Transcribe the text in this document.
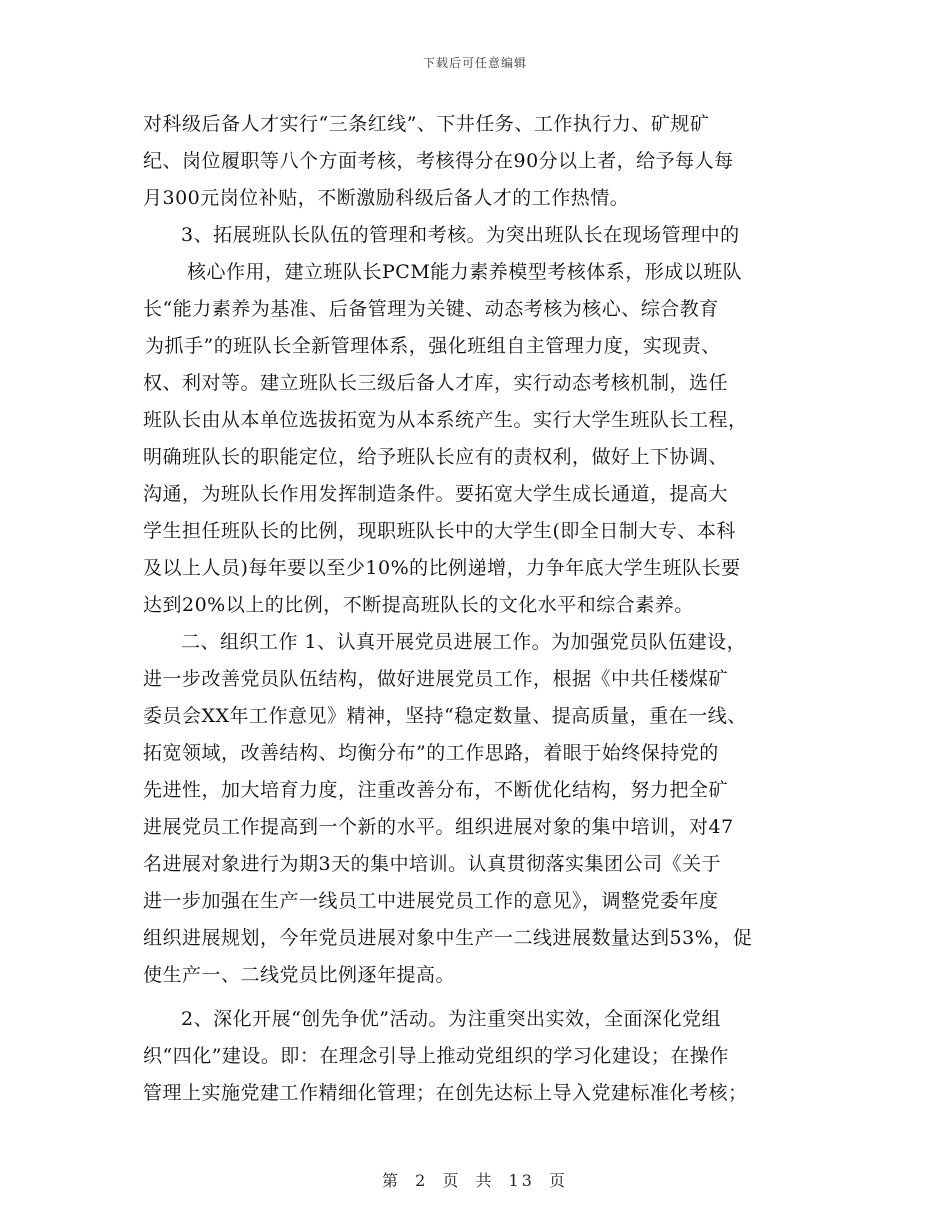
下载后可任意编辑
对科级后备人才实行“三条红线”、下井任务、工作执行力、矿规矿
纪、岗位履职等八个方面考核，考核得分在90分以上者，给予每人每
月300元岗位补贴，不断激励科级后备人才的工作热情。
3、拓展班队长队伍的管理和考核。为突出班队长在现场管理中的
核心作用，建立班队长PCM能力素养模型考核体系，形成以班队
长“能力素养为基准、后备管理为关键、动态考核为核心、综合教育
为抓手”的班队长全新管理体系，强化班组自主管理力度，实现责、
权、利对等。建立班队长三级后备人才库，实行动态考核机制，选任
班队长由从本单位选拔拓宽为从本系统产生。实行大学生班队长工程，
明确班队长的职能定位，给予班队长应有的责权利，做好上下协调、
沟通，为班队长作用发挥制造条件。要拓宽大学生成长通道，提高大
学生担任班队长的比例，现职班队长中的大学生(即全日制大专、本科
及以上人员)每年要以至少10%的比例递增，力争年底大学生班队长要
达到20%以上的比例，不断提高班队长的文化水平和综合素养。
二、组织工作 1、认真开展党员进展工作。为加强党员队伍建设，
进一步改善党员队伍结构，做好进展党员工作，根据《中共任楼煤矿
委员会XX年工作意见》精神，坚持“稳定数量、提高质量，重在一线、
拓宽领域，改善结构、均衡分布”的工作思路，着眼于始终保持党的
先进性，加大培育力度，注重改善分布，不断优化结构，努力把全矿
进展党员工作提高到一个新的水平。组织进展对象的集中培训，对47
名进展对象进行为期3天的集中培训。认真贯彻落实集团公司《关于
进一步加强在生产一线员工中进展党员工作的意见》，调整党委年度
组织进展规划，今年党员进展对象中生产一二线进展数量达到53%，促
使生产一、二线党员比例逐年提高。
2、深化开展“创先争优”活动。为注重突出实效，全面深化党组
织“四化”建设。即：在理念引导上推动党组织的学习化建设；在操作
管理上实施党建工作精细化管理；在创先达标上导入党建标准化考核；
第 2 页 共 13 页
